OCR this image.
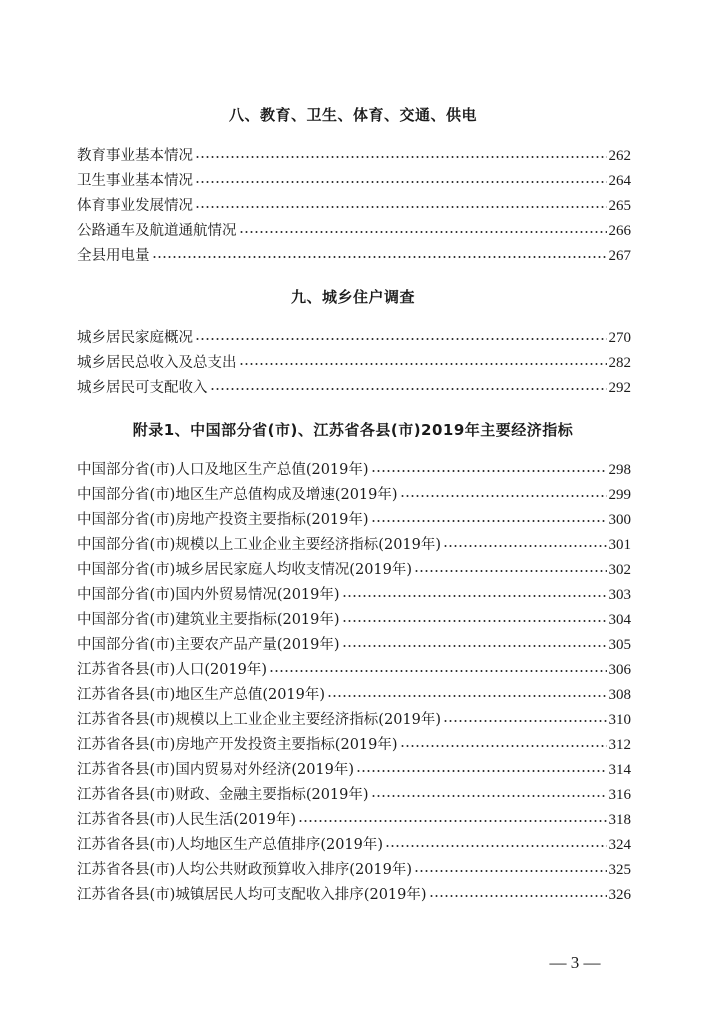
八、教育、卫生、体育、交通、供电
教育事业基本情况	262
卫生事业基本情况	264
体育事业发展情况	265
公路通车及航道通航情况	266
全县用电量	267
九、城乡住户调查
城乡居民家庭概况	270
城乡居民总收入及总支出	282
城乡居民可支配收入	292
附录1、中国部分省(市)、江苏省各县(市)2019年主要经济指标
中国部分省(市)人口及地区生产总值(2019年)	298
中国部分省(市)地区生产总值构成及增速(2019年)	299
中国部分省(市)房地产投资主要指标(2019年)	300
中国部分省(市)规模以上工业企业主要经济指标(2019年)	301
中国部分省(市)城乡居民家庭人均收支情况(2019年)	302
中国部分省(市)国内外贸易情况(2019年)	303
中国部分省(市)建筑业主要指标(2019年)	304
中国部分省(市)主要农产品产量(2019年)	305
江苏省各县(市)人口(2019年)	306
江苏省各县(市)地区生产总值(2019年)	308
江苏省各县(市)规模以上工业企业主要经济指标(2019年)	310
江苏省各县(市)房地产开发投资主要指标(2019年)	312
江苏省各县(市)国内贸易对外经济(2019年)	314
江苏省各县(市)财政、金融主要指标(2019年)	316
江苏省各县(市)人民生活(2019年)	318
江苏省各县(市)人均地区生产总值排序(2019年)	324
江苏省各县(市)人均公共财政预算收入排序(2019年)	325
江苏省各县(市)城镇居民人均可支配收入排序(2019年)	326
— 3 —
